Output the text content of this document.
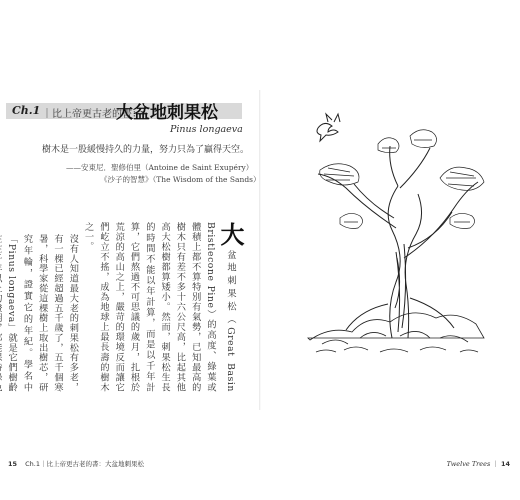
Ch.1 ｜比上帝更古老的書：
大盆地刺果松
Pinus longaeva
樹木是一股緩慢持久的力量，努力只為了贏得天空。
——安東尼．聖修伯里（Antoine de Saint Exupéry）
《沙子的智慧》（The Wisdom of the Sands）

大盆地刺果松（Great Basin Bristlecone Pine）的高度、綠葉或體積上都不算特別有氣勢，已知最高的樹木只有差不多十六公尺高，比起其他高大松樹都算矮小。然而，刺果松生長的時間不能以年計算，而是以千年計算，它們熬過不可思議的歲月，扎根於荒涼的高山之上，嚴苛的環境反而讓它們屹立不搖，成為地球上最長壽的樹木之一。

沒有人知道最大老的刺果松有多老，有一棵已經超過五千歲了，五千個寒暑，科學家從這棵樹上取出樹芯，研究年輪，證實它的年紀。學名中「Pinus longaeva」就是它們樹齡

15 Ch.1｜比上帝更古老的書：大盆地刺果松	Twelve Trees ｜ 14
